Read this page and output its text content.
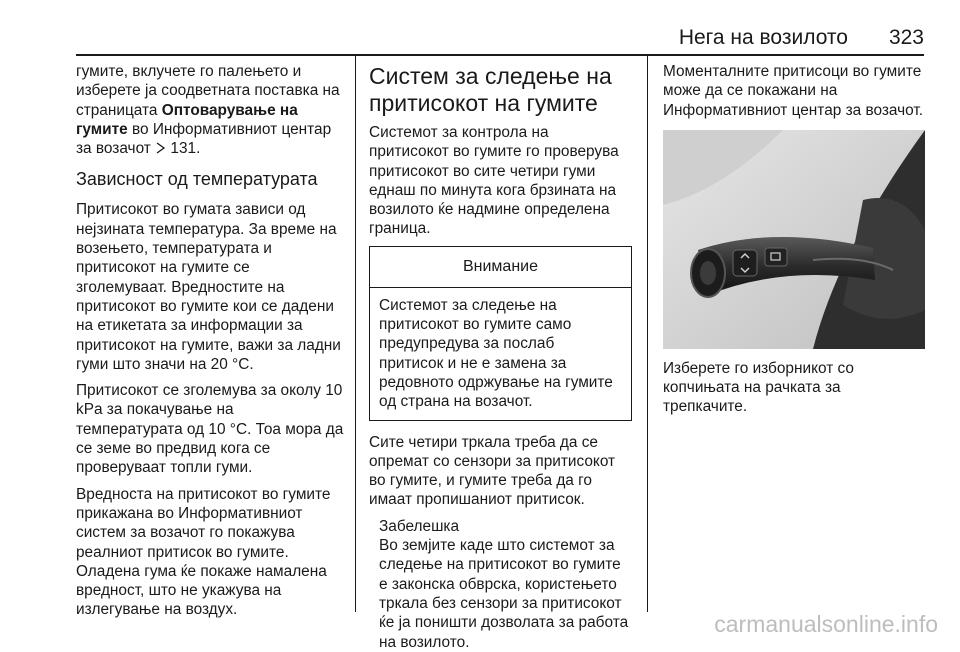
Нега на возилото 323

гумите, вклучете го палењето и изберете ја соодветната поставка на страницата Оптоварување на гумите во Информативниот центар за возачот  131.

Зависност од температурата

Притисокот во гумата зависи од нејзината температура. За време на возењето, температурата и притисокот на гумите се зголемуваат. Вредностите на притисокот во гумите кои се дадени на етикетата за информации за притисокот на гумите, важи за ладни гуми што значи на 20 °C.

Притисокот се зголемува за околу 10 kPa за покачување на температурата од 10 °C. Тоа мора да се земе во предвид кога се проверуваат топли гуми.

Вредноста на притисокот во гумите прикажана во Информативниот систем за возачот го покажува реалниот притисок во гумите. Оладена гума ќе покаже намалена вредност, што не укажува на излегување на воздух.

Систем за следење на притисокот на гумите

Системот за контрола на притисокот во гумите го проверува притисокот во сите четири гуми еднаш по минута кога брзината на возилото ќе надмине определена граница.

Внимание
Системот за следење на притисокот во гумите само предупредува за послаб притисок и не е замена за редовното одржување на гумите од страна на возачот.

Сите четири тркала треба да се опремат со сензори за притисокот во гумите, и гумите треба да го имаат пропишаниот притисок.

Забелешка
Во земјите каде што системот за следење на притисокот во гумите е законска обврска, користењето тркала без сензори за притисокот ќе ја поништи дозволата за работа на возилото.

Моменталните притисоци во гумите може да се покажани на Информативниот центар за возачот.

Изберете го изборникот со копчињата на рачката за трепкачите.

carmanualsonline.info
